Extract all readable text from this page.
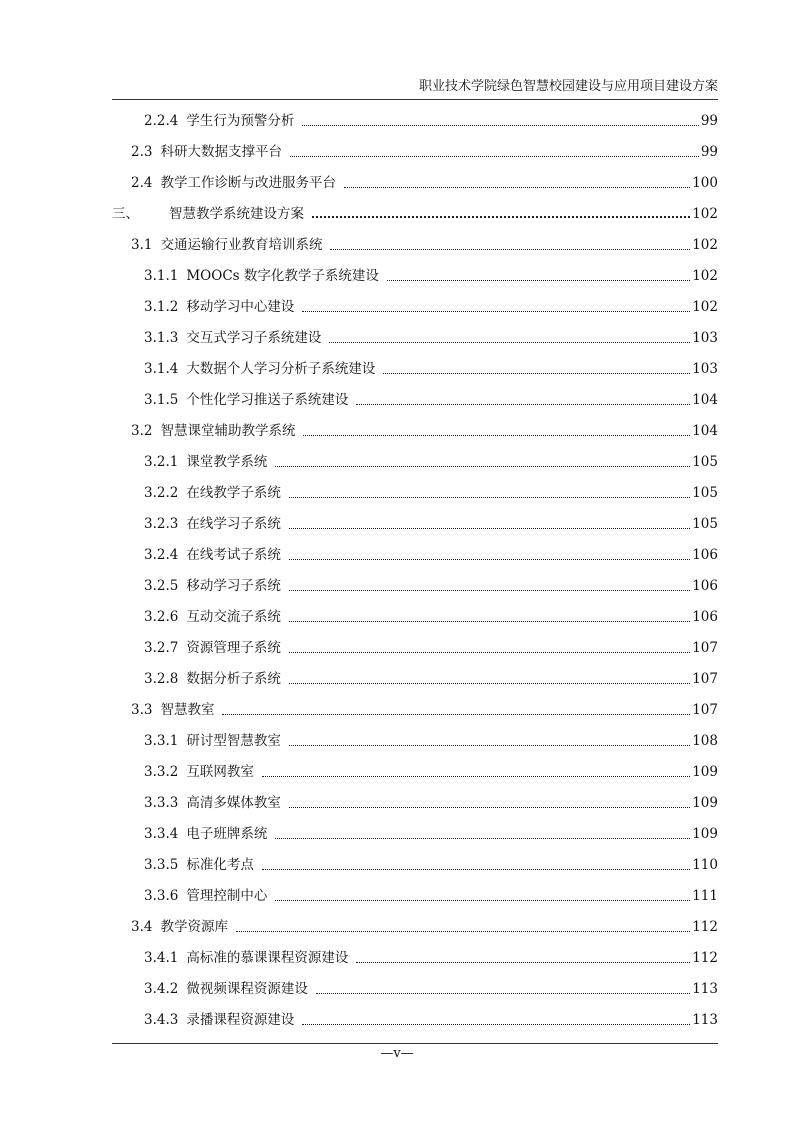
职业技术学院绿色智慧校园建设与应用项目建设方案
2.2.4 学生行为预警分析	99
2.3 科研大数据支撑平台	99
2.4 教学工作诊断与改进服务平台	100
三、 智慧教学系统建设方案	102
3.1 交通运输行业教育培训系统	102
3.1.1 MOOCs 数字化教学子系统建设	102
3.1.2 移动学习中心建设	102
3.1.3 交互式学习子系统建设	103
3.1.4 大数据个人学习分析子系统建设	103
3.1.5 个性化学习推送子系统建设	104
3.2 智慧课堂辅助教学系统	104
3.2.1 课堂教学系统	105
3.2.2 在线教学子系统	105
3.2.3 在线学习子系统	105
3.2.4 在线考试子系统	106
3.2.5 移动学习子系统	106
3.2.6 互动交流子系统	106
3.2.7 资源管理子系统	107
3.2.8 数据分析子系统	107
3.3 智慧教室	107
3.3.1 研讨型智慧教室	108
3.3.2 互联网教室	109
3.3.3 高清多媒体教室	109
3.3.4 电子班牌系统	109
3.3.5 标准化考点	110
3.3.6 管理控制中心	111
3.4 教学资源库	112
3.4.1 高标准的慕课课程资源建设	112
3.4.2 微视频课程资源建设	113
3.4.3 录播课程资源建设	113
—v—
